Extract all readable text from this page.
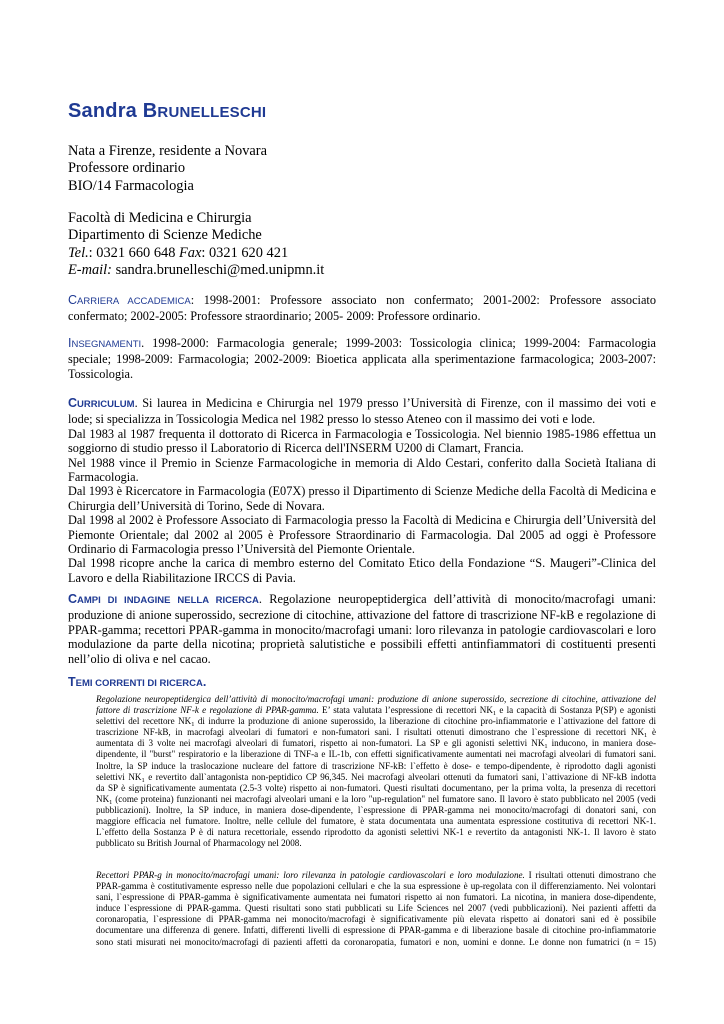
Sandra BRUNELLESCHI
Nata a Firenze, residente a Novara
Professore ordinario
BIO/14 Farmacologia
Facoltà di Medicina e Chirurgia
Dipartimento di Scienze Mediche
Tel.: 0321 660 648 Fax: 0321 620 421
E-mail: sandra.brunelleschi@med.unipmn.it
CARRIERA ACCADEMICA: 1998-2001: Professore associato non confermato; 2001-2002: Professore associato
confermato; 2002-2005: Professore straordinario; 2005- 2009: Professore ordinario.
INSEGNAMENTI. 1998-2000: Farmacologia generale; 1999-2003: Tossicologia clinica; 1999-2004: Farmacologia
speciale; 1998-2009: Farmacologia; 2002-2009: Bioetica applicata alla sperimentazione farmacologica; 2003-2007:
Tossicologia.
CURRICULUM. Si laurea in Medicina e Chirurgia nel 1979 presso l’Università di Firenze, con il massimo dei voti e
lode; si specializza in Tossicologia Medica nel 1982 presso lo stesso Ateneo con il massimo dei voti e lode.
Dal 1983 al 1987 frequenta il dottorato di Ricerca in Farmacologia e Tossicologia. Nel biennio 1985-1986 effettua un
soggiorno di studio presso il Laboratorio di Ricerca dell'INSERM U200 di Clamart, Francia.
Nel 1988 vince il Premio in Scienze Farmacologiche in memoria di Aldo Cestari, conferito dalla Società Italiana di
Farmacologia.
Dal 1993 è Ricercatore in Farmacologia (E07X) presso il Dipartimento di Scienze Mediche della Facoltà di Medicina e
Chirurgia dell’Università di Torino, Sede di Novara.
Dal 1998 al 2002 è Professore Associato di Farmacologia presso la Facoltà di Medicina e Chirurgia dell’Università del
Piemonte Orientale; dal 2002 al 2005 è Professore Straordinario di Farmacologia. Dal 2005 ad oggi è Professore
Ordinario di Farmacologia presso l’Università del Piemonte Orientale.
Dal 1998 ricopre anche la carica di membro esterno del Comitato Etico della Fondazione “S. Maugeri”-Clinica del
Lavoro e della Riabilitazione IRCCS di Pavia.
CAMPI DI INDAGINE NELLA RICERCA. Regolazione neuropeptidergica dell’attività di monocito/macrofagi umani:
produzione di anione superossido, secrezione di citochine, attivazione del fattore di trascrizione NF-kB e regolazione di
PPAR-gamma; recettori PPAR-gamma in monocito/macrofagi umani: loro rilevanza in patologie cardiovascolari e loro
modulazione da parte della nicotina; proprietà salutistiche e possibili effetti antinfiammatori di costituenti presenti
nell’olio di oliva e nel cacao.
TEMI CORRENTI DI RICERCA.
Regolazione neuropeptidergica dell’attività di monocito/macrofagi umani: produzione di anione superossido, secrezione di citochine, attivazione del
fattore di trascrizione NF-k e regolazione di PPAR-gamma. E’ stata valutata l’espressione di recettori $NK_1$ e la capacità di Sostanza P(SP) e agonisti
selettivi del recettore $NK_1$ di indurre la produzione di anione superossido, la liberazione di citochine pro-infiammatorie e l`attivazione del fattore di
trascrizione NF-kB, in macrofagi alveolari di fumatori e non-fumatori sani. I risultati ottenuti dimostrano che l`espressione di recettori $NK_1$ è
aumentata di 3 volte nei macrofagi alveolari di fumatori, rispetto ai non-fumatori. La SP e gli agonisti selettivi $NK_1$ inducono, in maniera dose-
dipendente, il "burst" respiratorio e la liberazione di TNF-a e IL-1b, con effetti significativamente aumentati nei macrofagi alveolari di fumatori sani.
Inoltre, la SP induce la traslocazione nucleare del fattore di trascrizione NF-kB: l`effetto è dose- e tempo-dipendente, è riprodotto dagli agonisti
selettivi $NK_1$ e revertito dall`antagonista non-peptidico CP 96,345. Nei macrofagi alveolari ottenuti da fumatori sani, l`attivazione di NF-kB indotta
da SP è significativamente aumentata (2.5-3 volte) rispetto ai non-fumatori. Questi risultati documentano, per la prima volta, la presenza di recettori
$NK_1$ (come proteina) funzionanti nei macrofagi alveolari umani e la loro "up-regulation" nel fumatore sano. Il lavoro è stato pubblicato nel 2005 (vedi
pubblicazioni). Inoltre, la SP induce, in maniera dose-dipendente, l`espressione di PPAR-gamma nei monocito/macrofagi di donatori sani, con
maggiore efficacia nel fumatore. Inoltre, nelle cellule del fumatore, è stata documentata una aumentata espressione costitutiva di recettori NK-1.
L`effetto della Sostanza P è di natura recettoriale, essendo riprodotto da agonisti selettivi NK-1 e revertito da antagonisti NK-1. Il lavoro è stato
pubblicato su British Journal of Pharmacology nel 2008.
Recettori PPAR-g in monocito/macrofagi umani: loro rilevanza in patologie cardiovascolari e loro modulazione. I risultati ottenuti dimostrano che
PPAR-gamma è costitutivamente espresso nelle due popolazioni cellulari e che la sua espressione è up-regolata con il differenziamento. Nei volontari
sani, l`espressione di PPAR-gamma è significativamente aumentata nei fumatori rispetto ai non fumatori. La nicotina, in maniera dose-dipendente,
induce l`espressione di PPAR-gamma. Questi risultati sono stati pubblicati su Life Sciences nel 2007 (vedi pubblicazioni). Nei pazienti affetti da
coronaropatia, l`espressione di PPAR-gamma nei monocito/macrofagi è significativamente più elevata rispetto ai donatori sani ed è possibile
documentare una differenza di genere. Infatti, differenti livelli di espressione di PPAR-gamma e di liberazione basale di citochine pro-infiammatorie
sono stati misurati nei monocito/macrofagi di pazienti affetti da coronaropatia, fumatori e non, uomini e donne. Le donne non fumatrici (n = 15)
